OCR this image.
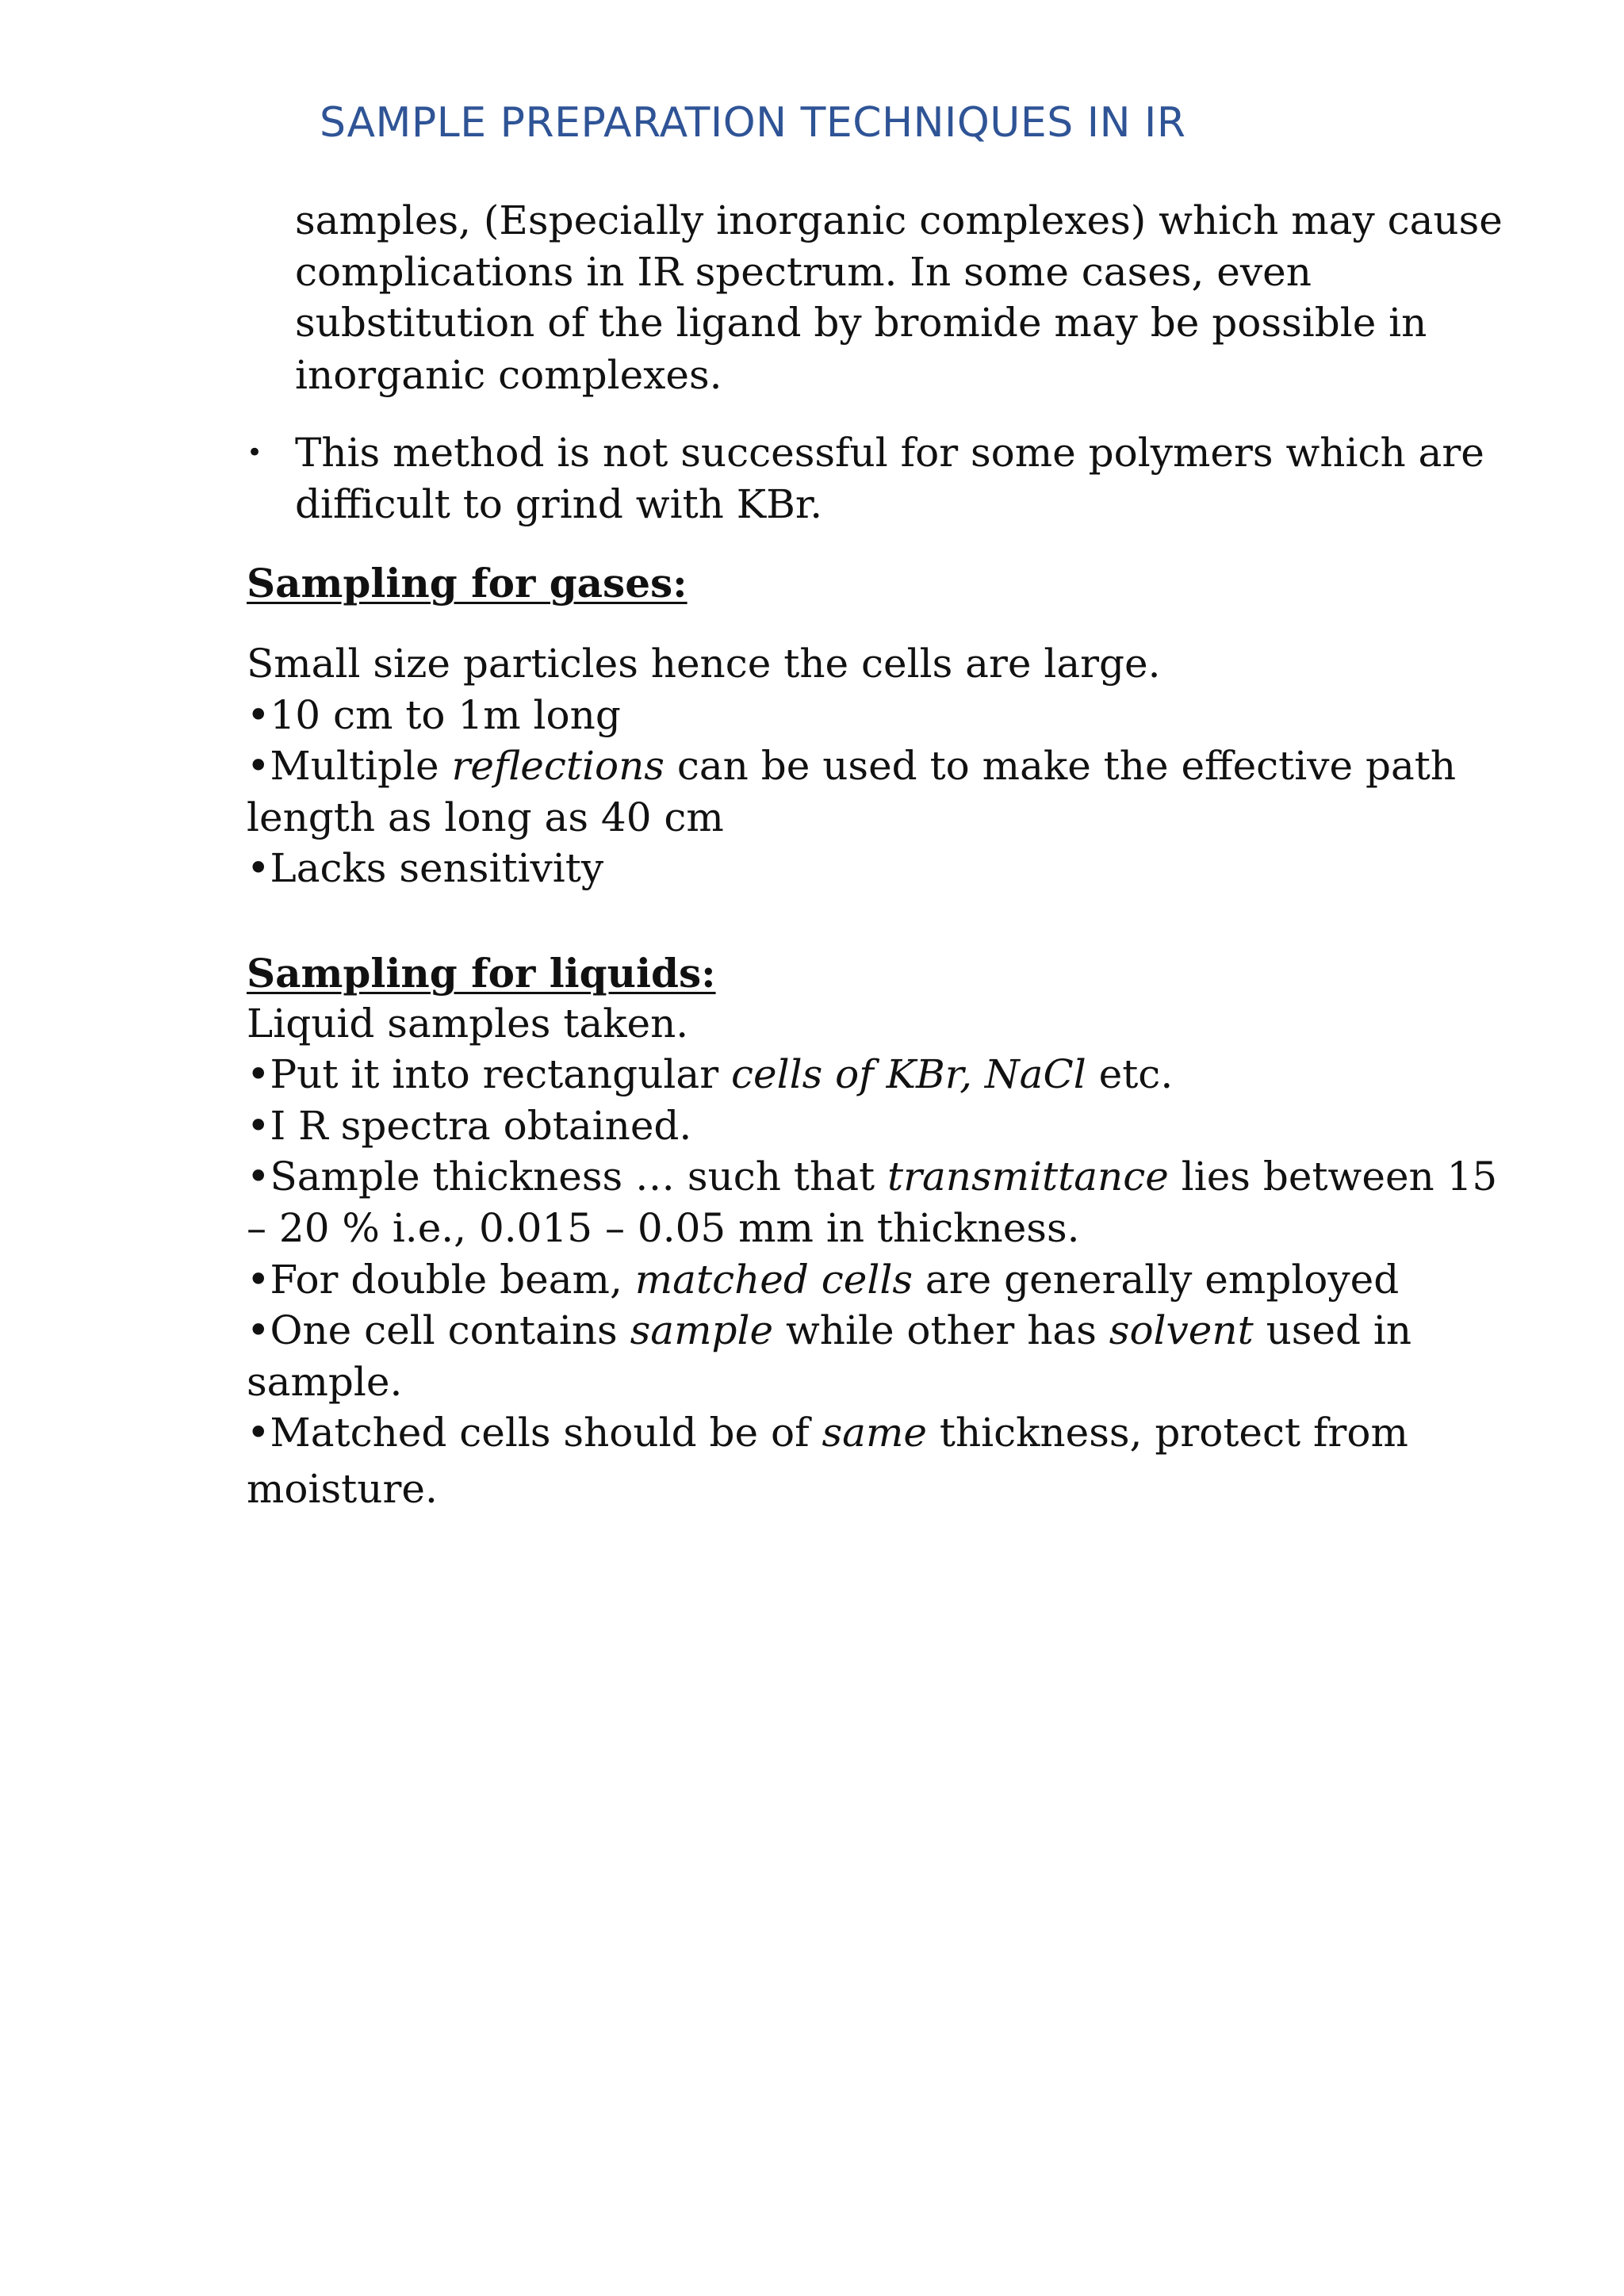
SAMPLE PREPARATION TECHNIQUES IN IR
samples, (Especially inorganic complexes) which may cause
complications in IR spectrum. In some cases, even
substitution of the ligand by bromide may be possible in
inorganic complexes.
• This method is not successful for some polymers which are
difficult to grind with KBr.
Sampling for gases:
Small size particles hence the cells are large.
•10 cm to 1m long
•Multiple reflections can be used to make the effective path
length as long as 40 cm
•Lacks sensitivity
Sampling for liquids:
Liquid samples taken.
•Put it into rectangular cells of KBr, NaCl etc.
•I R spectra obtained.
•Sample thickness … such that transmittance lies between 15
– 20 % i.e., 0.015 – 0.05 mm in thickness.
•For double beam, matched cells are generally employed
•One cell contains sample while other has solvent used in
sample.
•Matched cells should be of same thickness, protect from
moisture.
